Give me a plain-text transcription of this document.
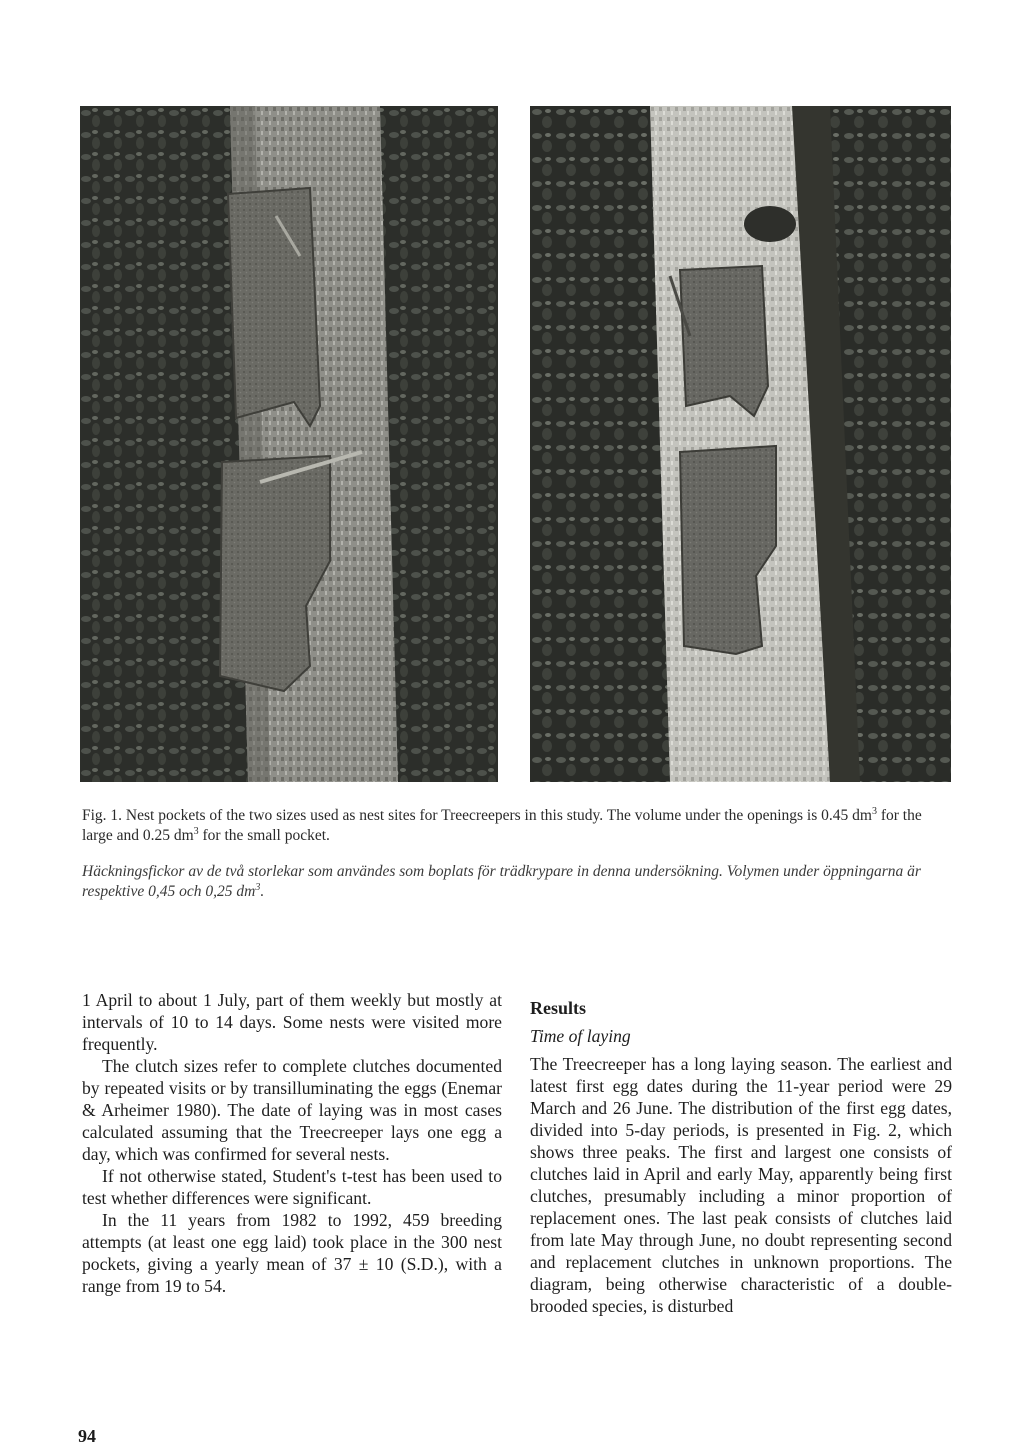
Fig. 1. Nest pockets of the two sizes used as nest sites for Treecreepers in this study. The volume under the openings is 0.45 $dm^3$ for the large and 0.25 $dm^3$ for the small pocket.
Häckningsfickor av de två storlekar som användes som boplats för trädkrypare in denna undersökning. Volymen under öppningarna är respektive 0,45 och 0,25 $dm^3$.

1 April to about 1 July, part of them weekly but mostly at intervals of 10 to 14 days. Some nests were visited more frequently.

The clutch sizes refer to complete clutches documented by repeated visits or by transilluminating the eggs (Enemar & Arheimer 1980). The date of laying was in most cases calculated assuming that the Treecreeper lays one egg a day, which was confirmed for several nests.

If not otherwise stated, Student's t-test has been used to test whether differences were significant.

In the 11 years from 1982 to 1992, 459 breeding attempts (at least one egg laid) took place in the 300 nest pockets, giving a yearly mean of 37 ± 10 (S.D.), with a range from 19 to 54.

Results
Time of laying

The Treecreeper has a long laying season. The earliest and latest first egg dates during the 11-year period were 29 March and 26 June. The distribution of the first egg dates, divided into 5-day periods, is presented in Fig. 2, which shows three peaks. The first and largest one consists of clutches laid in April and early May, apparently being first clutches, presumably including a minor proportion of replacement ones. The last peak consists of clutches laid from late May through June, no doubt representing second and replacement clutches in unknown proportions. The diagram, being otherwise characteristic of a double-brooded species, is disturbed

94
